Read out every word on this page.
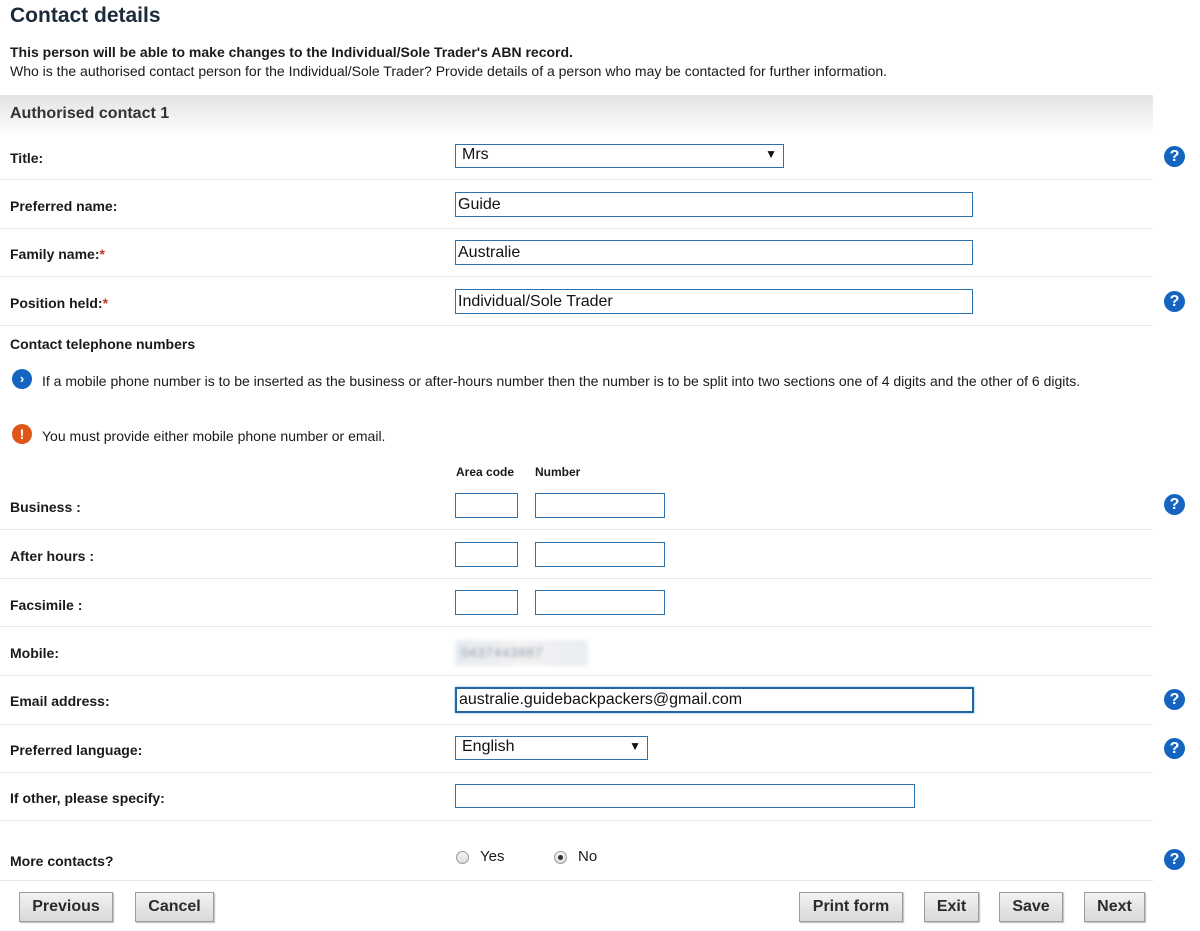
Contact details
This person will be able to make changes to the Individual/Sole Trader's ABN record.
Who is the authorised contact person for the Individual/Sole Trader? Provide details of a person who may be contacted for further information.
Authorised contact 1
Title:	Mrs	▼	?
Preferred name:
Guide
Family name:*
Australie
Position held:*
Individual/Sole Trader	?
Contact telephone numbers
›	If a mobile phone number is to be inserted as the business or after-hours number then the number is to be split into two sections one of 4 digits and the other of 6 digits.
!	You must provide either mobile phone number or email.
Area code Number
Business :	?
After hours :
Facsimile :
Mobile:	0437443887
Email address:
australie.guidebackpackers@gmail.com	?
Preferred language:	English	▼	?
If other, please specify:
More contacts?	Yes	No	?
Previous	Cancel	Print form	Exit	Save	Next
